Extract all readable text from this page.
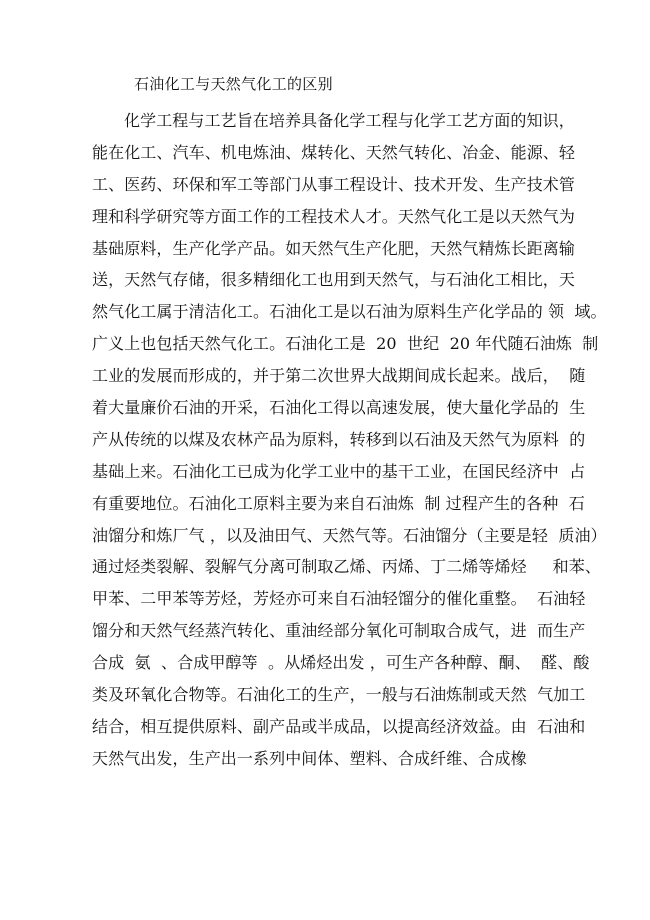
石油化工与天然气化工的区别
化学工程与工艺旨在培养具备化学工程与化学工艺方面的知识，
能在化工、汽车、机电炼油、煤转化、天然气转化、冶金、能源、轻
工、医药、环保和军工等部门从事工程设计、技术开发、生产技术管
理和科学研究等方面工作的工程技术人才。天然气化工是以天然气为
基础原料，生产化学产品。如天然气生产化肥，天然气精炼长距离输
送，天然气存储，很多精细化工也用到天然气，与石油化工相比，天
然气化工属于清洁化工。石油化工是以石油为原料生产化学品的 领  域。
广义上也包括天然气化工。石油化工是  20  世纪  20 年代随石油炼  制
工业的发展而形成的，并于第二次世界大战期间成长起来。战后，  随
着大量廉价石油的开采，石油化工得以高速发展，使大量化学品的  生
产从传统的以煤及农林产品为原料，转移到以石油及天然气为原料  的
基础上来。石油化工已成为化学工业中的基干工业，在国民经济中  占
有重要地位。石油化工原料主要为来自石油炼  制 过程产生的各种  石
油馏分和炼厂气 ，以及油田气、天然气等。石油馏分（主要是轻  质油）
通过烃类裂解、裂解气分离可制取乙烯、丙烯、丁二烯等烯烃     和苯、
甲苯、二甲苯等芳烃，芳烃亦可来自石油轻馏分的催化重整。  石油轻
馏分和天然气经蒸汽转化、重油经部分氧化可制取合成气，进  而生产
合成  氨  、合成甲醇等  。从烯烃出发 ，可生产各种醇、酮、  醛、酸
类及环氧化合物等。石油化工的生产，一般与石油炼制或天然  气加工
结合，相互提供原料、副产品或半成品，以提高经济效益。由  石油和
天然气出发，生产出一系列中间体、塑料、合成纤维、合成橡
